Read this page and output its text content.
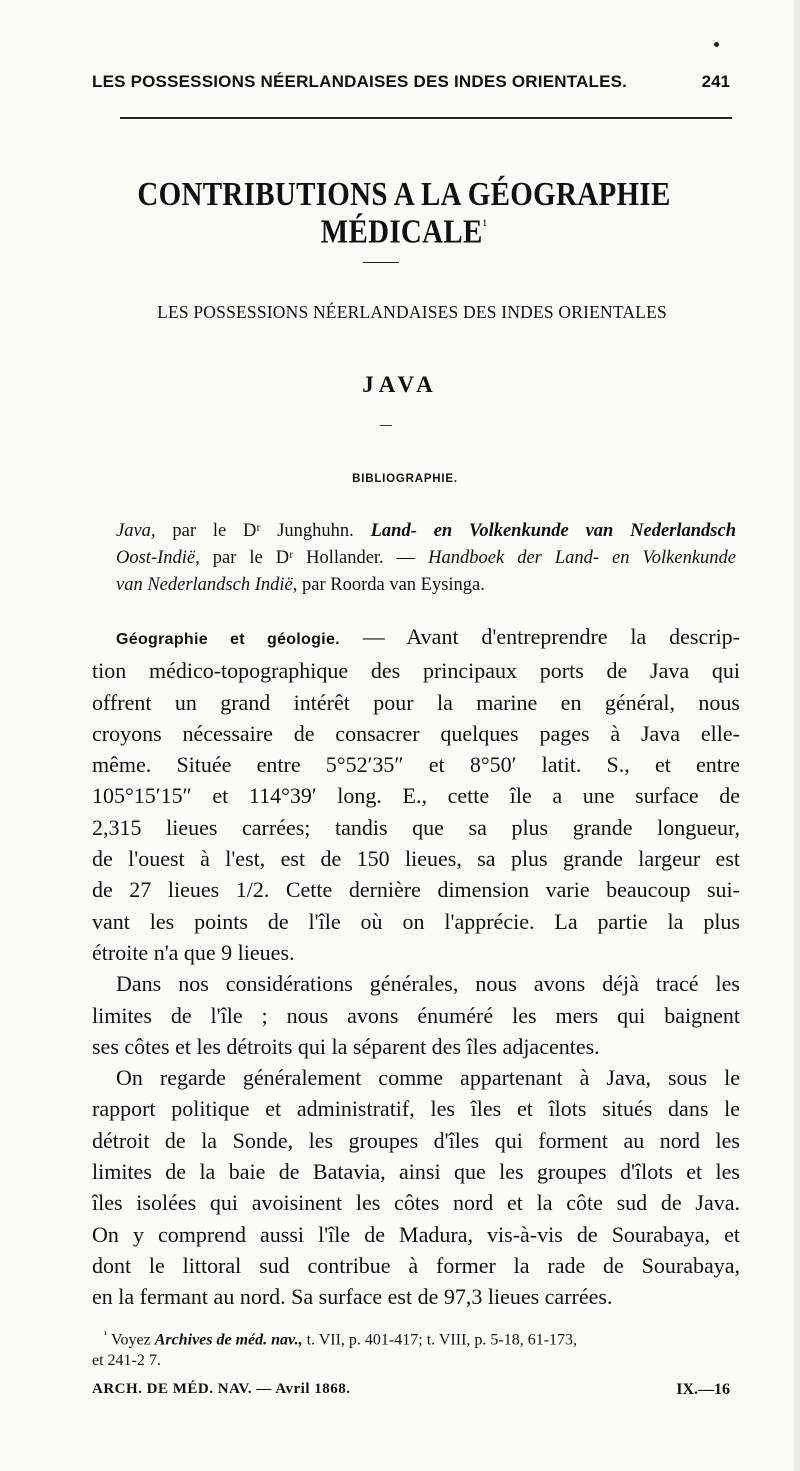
LES POSSESSIONS NÉERLANDAISES DES INDES ORIENTALES.	241
CONTRIBUTIONS A LA GÉOGRAPHIE $MÉDICALE^{^1}$
LES POSSESSIONS NÉERLANDAISES DES INDES ORIENTALES
JAVA
BIBLIOGRAPHIE.
Java, par le Dʳ Junghuhn. Land- en Volkenkunde van Nederlandsch
Oost-Indië, par le Dʳ Hollander. — Handboek der Land- en Volkenkunde
van Nederlandsch Indië, par Roorda van Eysinga.
Géographie et géologie. — Avant d'entreprendre la descrip-
tion médico-topographique des principaux ports de Java qui
offrent un grand intérêt pour la marine en général, nous
croyons nécessaire de consacrer quelques pages à Java elle-
même. Située entre 5°52′35″ et 8°50′ latit. S., et entre
105°15′15″ et 114°39′ long. E., cette île a une surface de
2,315 lieues carrées; tandis que sa plus grande longueur,
de l'ouest à l'est, est de 150 lieues, sa plus grande largeur est
de 27 lieues 1/2. Cette dernière dimension varie beaucoup sui-
vant les points de l'île où on l'apprécie. La partie la plus
étroite n'a que 9 lieues.
Dans nos considérations générales, nous avons déjà tracé les
limites de l'île ; nous avons énuméré les mers qui baignent
ses côtes et les détroits qui la séparent des îles adjacentes.
On regarde généralement comme appartenant à Java, sous le
rapport politique et administratif, les îles et îlots situés dans le
détroit de la Sonde, les groupes d'îles qui forment au nord les
limites de la baie de Batavia, ainsi que les groupes d'îlots et les
îles isolées qui avoisinent les côtes nord et la côte sud de Java.
On y comprend aussi l'île de Madura, vis-à-vis de Sourabaya, et
dont le littoral sud contribue à former la rade de Sourabaya,
en la fermant au nord. Sa surface est de 97,3 lieues carrées.
$^{^1}$ Voyez Archives de méd. nav., t. VII, p. 401-417; t. VIII, p. 5-18, 61-173,
et 241-2 7.
ARCH. DE MÉD. NAV. — Avril 1868.	IX.—16
